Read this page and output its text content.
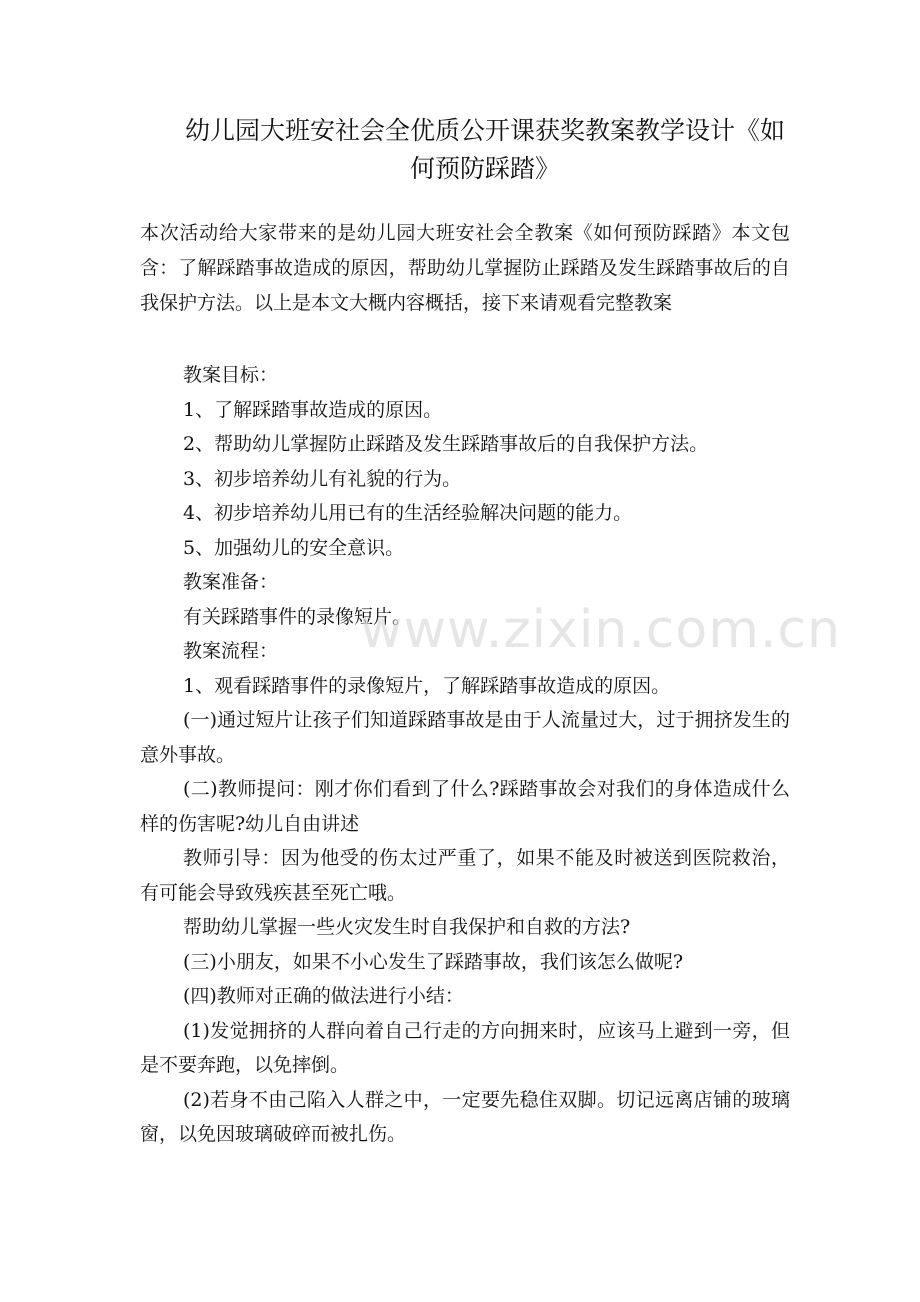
幼儿园大班安社会全优质公开课获奖教案教学设计《如何预防踩踏》

本次活动给大家带来的是幼儿园大班安社会全教案《如何预防踩踏》本文包含：了解踩踏事故造成的原因，帮助幼儿掌握防止踩踏及发生踩踏事故后的自我保护方法。以上是本文大概内容概括，接下来请观看完整教案

教案目标：

1、了解踩踏事故造成的原因。

2、帮助幼儿掌握防止踩踏及发生踩踏事故后的自我保护方法。

3、初步培养幼儿有礼貌的行为。

4、初步培养幼儿用已有的生活经验解决问题的能力。

5、加强幼儿的安全意识。

教案准备：

有关踩踏事件的录像短片。

教案流程：

1、观看踩踏事件的录像短片，了解踩踏事故造成的原因。

(一)通过短片让孩子们知道踩踏事故是由于人流量过大，过于拥挤发生的意外事故。

(二)教师提问：刚才你们看到了什么?踩踏事故会对我们的身体造成什么样的伤害呢?幼儿自由讲述

教师引导：因为他受的伤太过严重了，如果不能及时被送到医院救治，有可能会导致残疾甚至死亡哦。

帮助幼儿掌握一些火灾发生时自我保护和自救的方法?

(三)小朋友，如果不小心发生了踩踏事故，我们该怎么做呢?

(四)教师对正确的做法进行小结：

(1)发觉拥挤的人群向着自己行走的方向拥来时，应该马上避到一旁，但是不要奔跑，以免摔倒。

(2)若身不由己陷入人群之中，一定要先稳住双脚。切记远离店铺的玻璃窗，以免因玻璃破碎而被扎伤。

www.zixin.com.cn
